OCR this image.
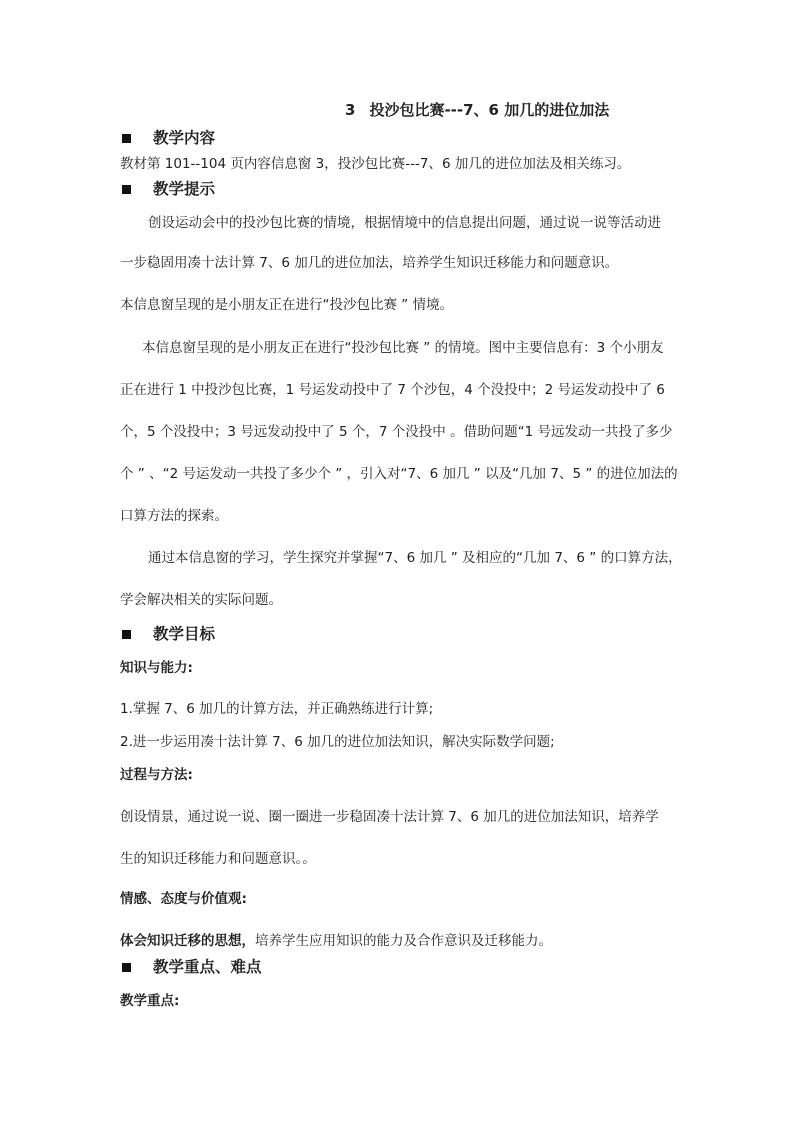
3 投沙包比赛---7、6 加几的进位加法
教学内容
教材第 101--104 页内容信息窗 3，投沙包比赛---7、6 加几的进位加法及相关练习。
教学提示
创设运动会中的投沙包比赛的情境，根据情境中的信息提出问题，通过说一说等活动进
一步稳固用凑十法计算 7、6 加几的进位加法，培养学生知识迁移能力和问题意识。
本信息窗呈现的是小朋友正在进行“投沙包比赛 ” 情境。
本信息窗呈现的是小朋友正在进行“投沙包比赛 ” 的情境。图中主要信息有：3 个小朋友
正在进行 1 中投沙包比赛，1 号运发动投中了 7 个沙包，4 个没投中；2 号运发动投中了 6
个，5 个没投中；3 号远发动投中了 5 个，7 个没投中 。借助问题“1 号远发动一共投了多少
个 ” 、“2 号运发动一共投了多少个 ” ，引入对“7、6 加几 ” 以及“几加 7、5 ” 的进位加法的
口算方法的探索。
通过本信息窗的学习，学生探究并掌握“7、6 加几 ” 及相应的“几加 7、6 ” 的口算方法，
学会解决相关的实际问题。
教学目标
知识与能力:
1.掌握 7、6 加几的计算方法，并正确熟练进行计算;
2.进一步运用凑十法计算 7、6 加几的进位加法知识，解决实际数学问题;
过程与方法:
创设情景，通过说一说、圈一圈进一步稳固凑十法计算 7、6 加几的进位加法知识，培养学
生的知识迁移能力和问题意识。。
情感、态度与价值观:
体会知识迁移的思想，培养学生应用知识的能力及合作意识及迁移能力。
教学重点、难点
教学重点:
